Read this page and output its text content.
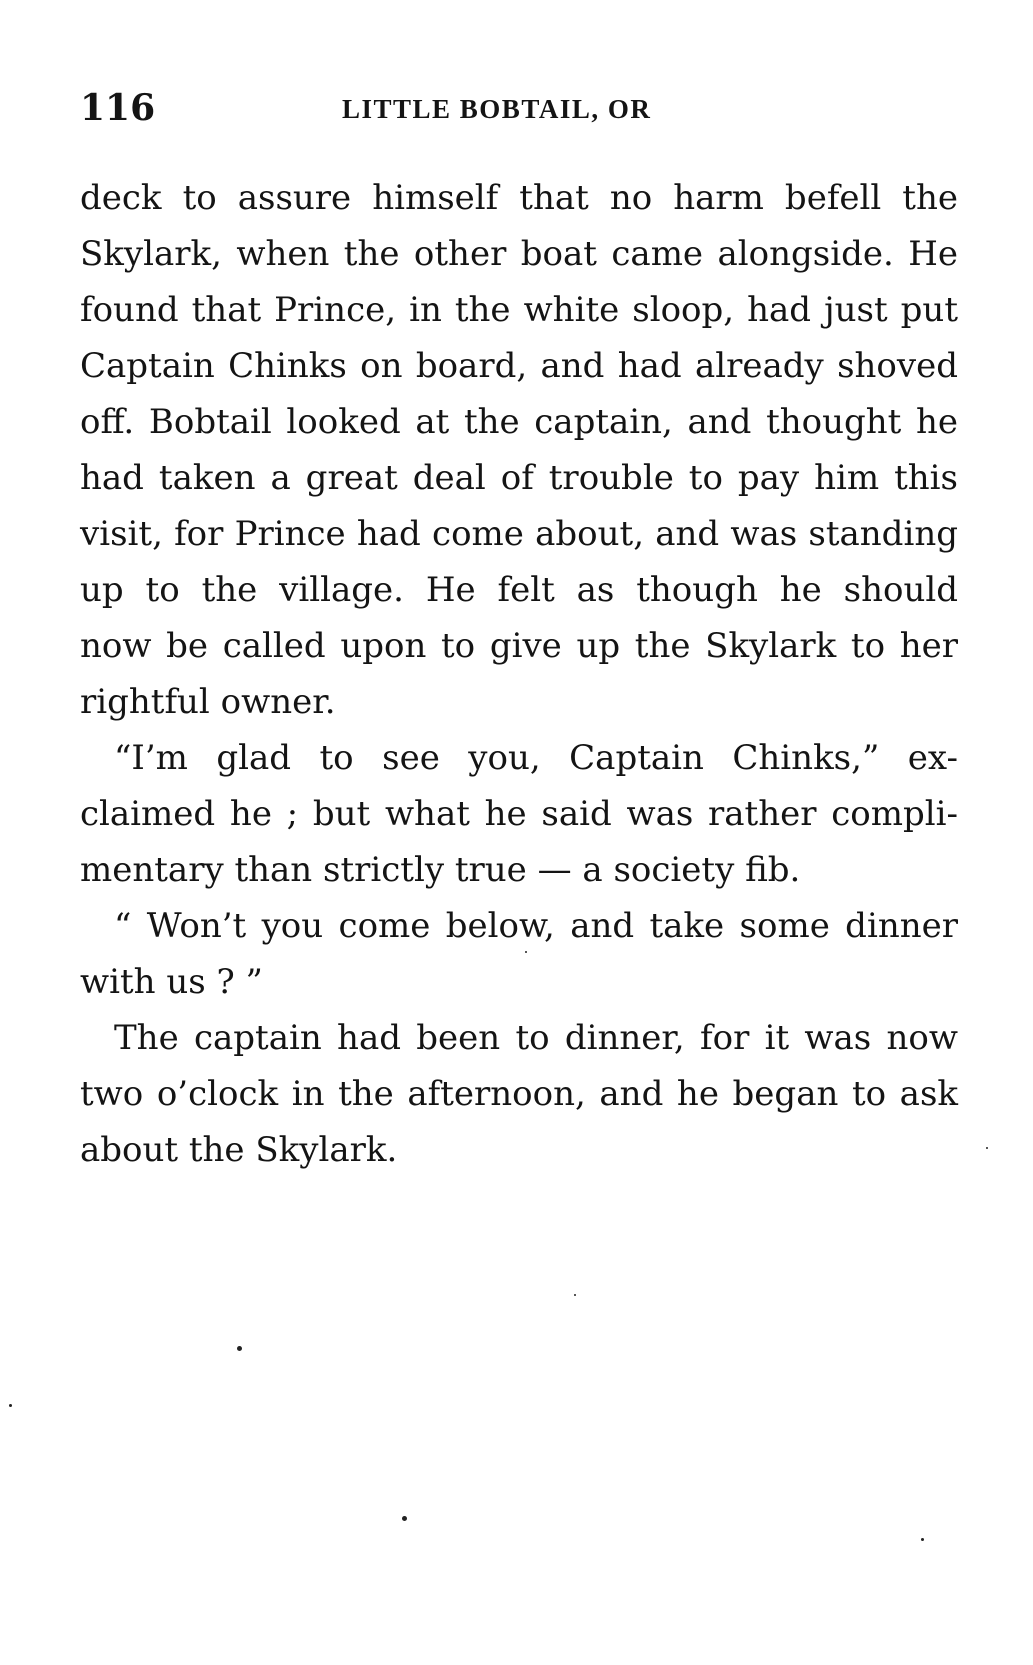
116	LITTLE BOBTAIL, OR
deck to assure himself that no harm befell the
Skylark, when the other boat came alongside. He
found that Prince, in the white sloop, had just put
Captain Chinks on board, and had already shoved
off. Bobtail looked at the captain, and thought he
had taken a great deal of trouble to pay him this
visit, for Prince had come about, and was standing
up to the village. He felt as though he should
now be called upon to give up the Skylark to her
rightful owner.
“I’m glad to see you, Captain Chinks,” ex-
claimed he ; but what he said was rather compli-
mentary than strictly true — a society fib.
“ Won’t you come below, and take some dinner
with us ? ”
The captain had been to dinner, for it was now
two o’clock in the afternoon, and he began to ask
about the Skylark.
